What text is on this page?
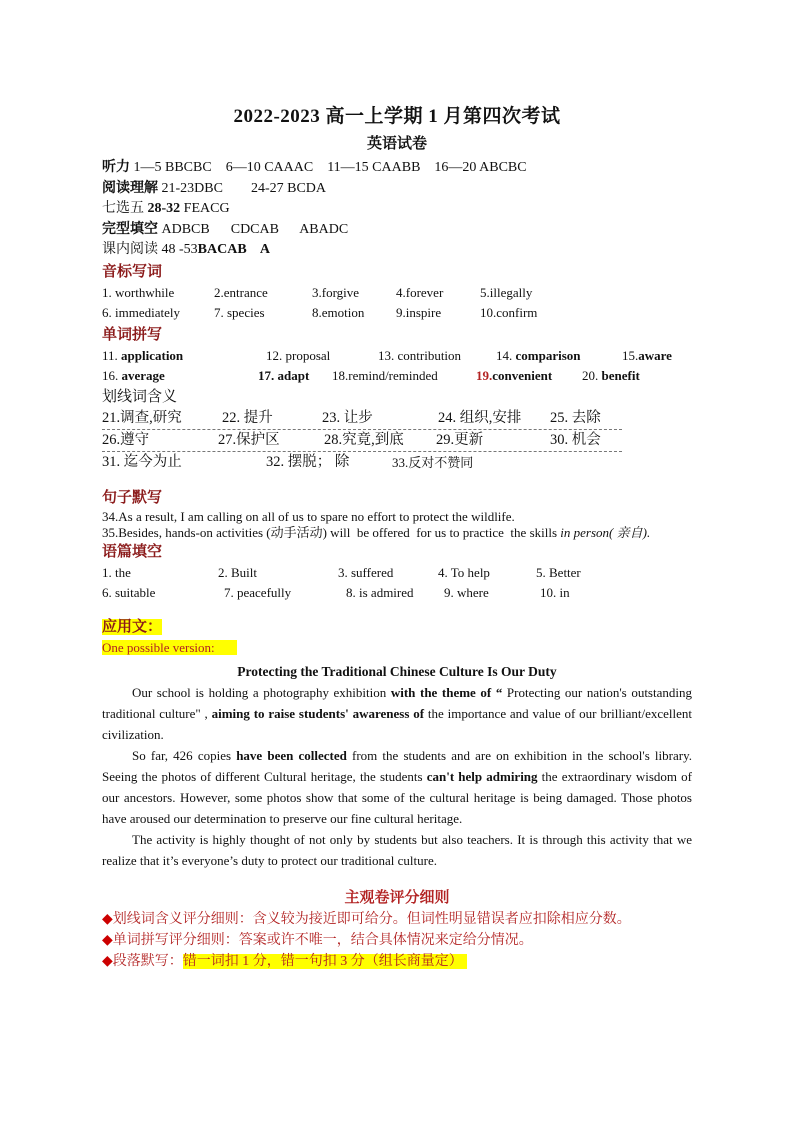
2022-2023 高一上学期 1 月第四次考试
英语试卷
听力 1—5 BBCBC    6—10 CAAAC    11—15 CAABB    16—20 ABCBC
阅读理解 21-23DBC        24-27 BCDA
七选五 28-32 FEACG
完型填空 ADBCB      CDCAB      ABADC
课内阅读 48 -53BACAB    A
音标写词
1. worthwhile	2.entrance	3.forgive	4.forever	5.illegally
6. immediately	7. species	8.emotion	9.inspire	10.confirm
单词拼写
11. application	12. proposal	13. contribution	14. comparison	15.aware
16. average	17. adapt	18.remind/reminded	19.convenient	20. benefit
划线词含义
21.调查,研究	22. 提升	23. 让步	24. 组织,安排	25. 去除
26.遵守	27.保护区	28.究竟,到底	29.更新	30. 机会
31. 迄今为止	32. 摆脱； 除	33.反对不赞同
句子默写
34.As a result, I am calling on all of us to spare no effort to protect the wildlife.
35.Besides, hands-on activities (动手活动) will  be offered  for us to practice  the skills in person( 亲自).
语篇填空
1. the	2. Built	3. suffered	4. To help	5. Better
6. suitable	7. peacefully	8. is admired	9. where	10. in
应用文：
One possible version:
Protecting the Traditional Chinese Culture Is Our Duty

Our school is holding a photography exhibition with the theme of “ Protecting our nation's outstanding traditional culture" , aiming to raise students' awareness of the importance and value of our brilliant/excellent civilization.

So far, 426 copies have been collected from the students and are on exhibition in the school's library. Seeing the photos of different Cultural heritage, the students can't help admiring the extraordinary wisdom of our ancestors. However, some photos show that some of the cultural heritage is being damaged. Those photos have aroused our determination to preserve our fine cultural heritage.

The activity is highly thought of not only by students but also teachers. It is through this activity that we realize that it’s everyone’s duty to protect our traditional culture.

主观卷评分细则
◆划线词含义评分细则：含义较为接近即可给分。但词性明显错误者应扣除相应分数。
◆单词拼写评分细则：答案或许不唯一，结合具体情况来定给分情况。
◆段落默写：错一词扣 1 分，错一句扣 3 分（组长商量定）
